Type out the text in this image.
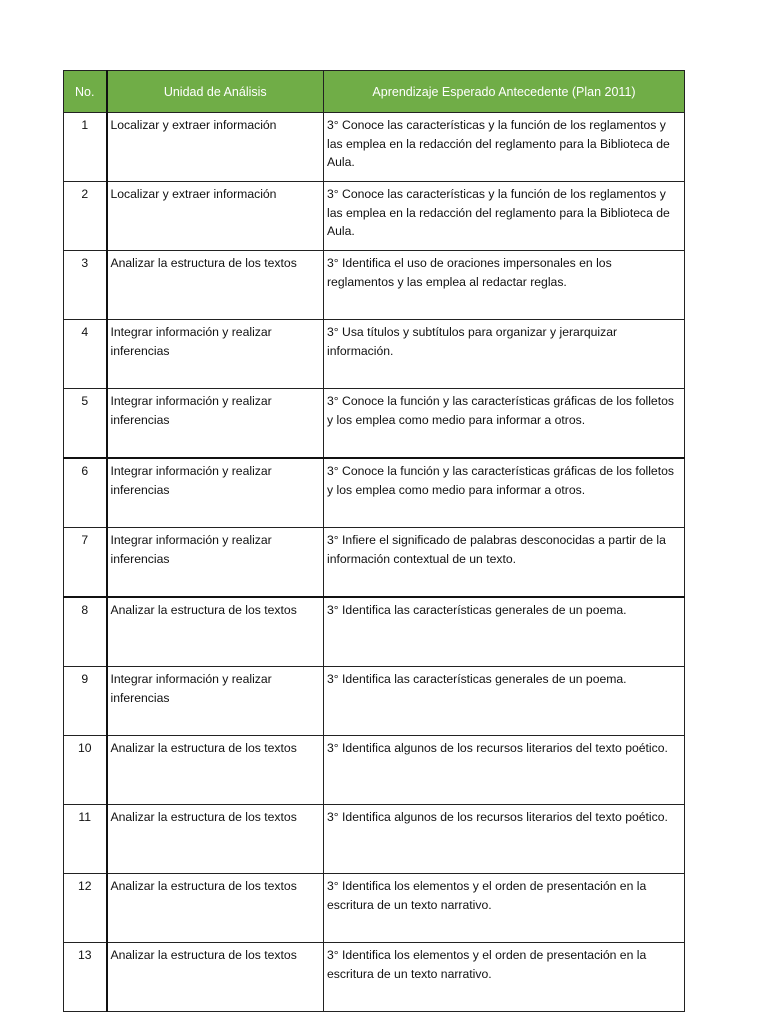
No.	Unidad de Análisis	Aprendizaje Esperado Antecedente (Plan 2011)
1	Localizar y extraer información	3° Conoce las características y la función de los reglamentos y las emplea en la redacción del reglamento para la Biblioteca de Aula.
2	Localizar y extraer información	3° Conoce las características y la función de los reglamentos y las emplea en la redacción del reglamento para la Biblioteca de Aula.
3	Analizar la estructura de los textos	3° Identifica el uso de oraciones impersonales en los reglamentos y las emplea al redactar reglas.
4	Integrar información y realizar inferencias	3° Usa títulos y subtítulos para organizar y jerarquizar información.
5	Integrar información y realizar inferencias	3° Conoce la función y las características gráficas de los folletos y los emplea como medio para informar a otros.
6	Integrar información y realizar inferencias	3° Conoce la función y las características gráficas de los folletos y los emplea como medio para informar a otros.
7	Integrar información y realizar inferencias	3° Infiere el significado de palabras desconocidas a partir de la información contextual de un texto.
8	Analizar la estructura de los textos	3° Identifica las características generales de un poema.
9	Integrar información y realizar inferencias	3° Identifica las características generales de un poema.
10	Analizar la estructura de los textos	3° Identifica algunos de los recursos literarios del texto poético.
11	Analizar la estructura de los textos	3° Identifica algunos de los recursos literarios del texto poético.
12	Analizar la estructura de los textos	3° Identifica los elementos y el orden de presentación en la escritura de un texto narrativo.
13	Analizar la estructura de los textos	3° Identifica los elementos y el orden de presentación en la escritura de un texto narrativo.
